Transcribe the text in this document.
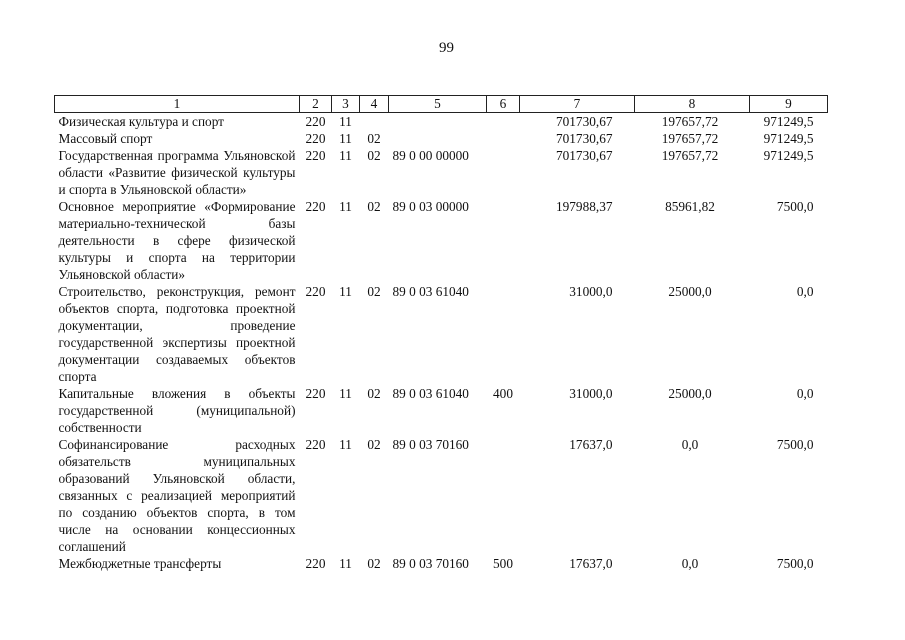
99
1	2	3	4	5	6	7	8	9
Физическая культура и спорт	220	11				701730,67	197657,72	971249,5
Массовый спорт	220	11	02			701730,67	197657,72	971249,5
Государственная программа Ульяновской области «Развитие физической культуры и спорта в Ульяновской области»	220	11	02	89 0 00 00000		701730,67	197657,72	971249,5
Основное мероприятие «Формирование материально-технической базы деятельности в сфере физической культуры и спорта на территории Ульяновской области»	220	11	02	89 0 03 00000		197988,37	85961,82	7500,0
Строительство, реконструкция, ремонт объектов спорта, подготовка проектной документации, проведение государственной экспертизы проектной документации создаваемых объектов спорта	220	11	02	89 0 03 61040		31000,0	25000,0	0,0
Капитальные вложения в объекты государственной (муниципальной) собственности	220	11	02	89 0 03 61040	400	31000,0	25000,0	0,0
Софинансирование расходных обязательств муниципальных образований Ульяновской области, связанных с реализацией мероприятий по созданию объектов спорта, в том числе на основании концессионных соглашений	220	11	02	89 0 03 70160		17637,0	0,0	7500,0
Межбюджетные трансферты	220	11	02	89 0 03 70160	500	17637,0	0,0	7500,0
